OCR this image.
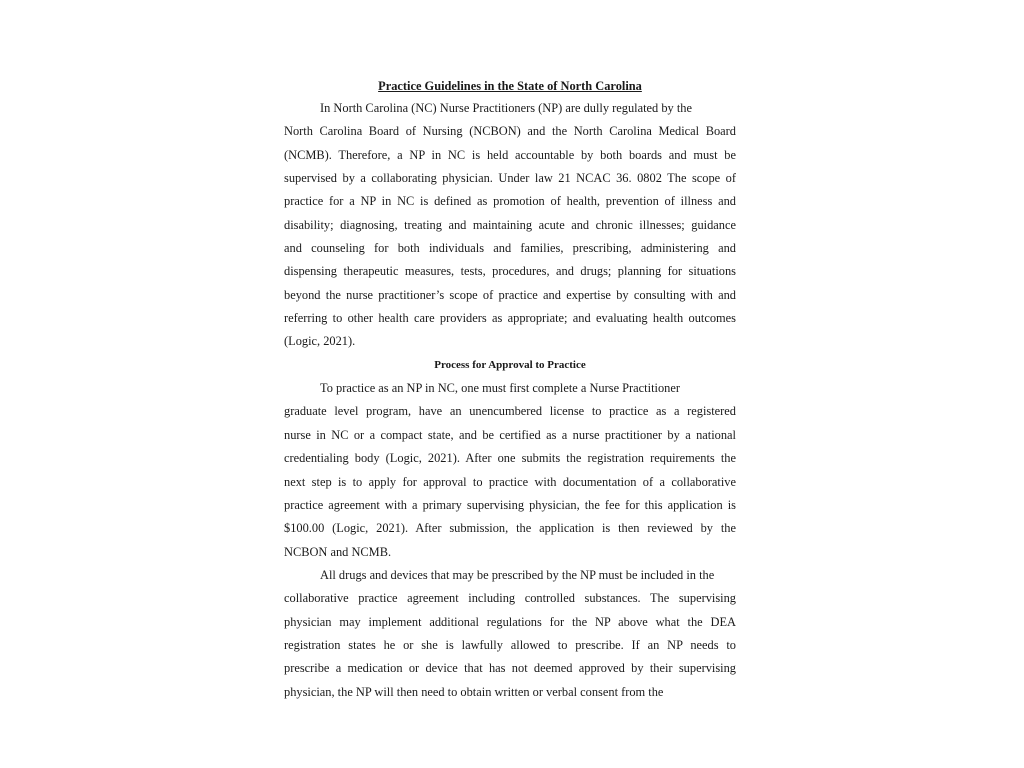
Practice Guidelines in the State of North Carolina

In North Carolina (NC) Nurse Practitioners (NP) are dully regulated by the
North Carolina Board of Nursing (NCBON) and the North Carolina Medical Board
(NCMB). Therefore, a NP in NC is held accountable by both boards and must be
supervised by a collaborating physician. Under law 21 NCAC 36. 0802 The scope of
practice for a NP in NC is defined as promotion of health, prevention of illness and
disability; diagnosing, treating and maintaining acute and chronic illnesses; guidance
and counseling for both individuals and families, prescribing, administering and
dispensing therapeutic measures, tests, procedures, and drugs; planning for situations
beyond the nurse practitioner’s scope of practice and expertise by consulting with and
referring to other health care providers as appropriate; and evaluating health outcomes
(Logic, 2021).

Process for Approval to Practice

To practice as an NP in NC, one must first complete a Nurse Practitioner
graduate level program, have an unencumbered license to practice as a registered
nurse in NC or a compact state, and be certified as a nurse practitioner by a national
credentialing body (Logic, 2021). After one submits the registration requirements the
next step is to apply for approval to practice with documentation of a collaborative
practice agreement with a primary supervising physician, the fee for this application is
$100.00 (Logic, 2021). After submission, the application is then reviewed by the
NCBON and NCMB.
All drugs and devices that may be prescribed by the NP must be included in the
collaborative practice agreement including controlled substances. The supervising
physician may implement additional regulations for the NP above what the DEA
registration states he or she is lawfully allowed to prescribe. If an NP needs to
prescribe a medication or device that has not deemed approved by their supervising
physician, the NP will then need to obtain written or verbal consent from the
